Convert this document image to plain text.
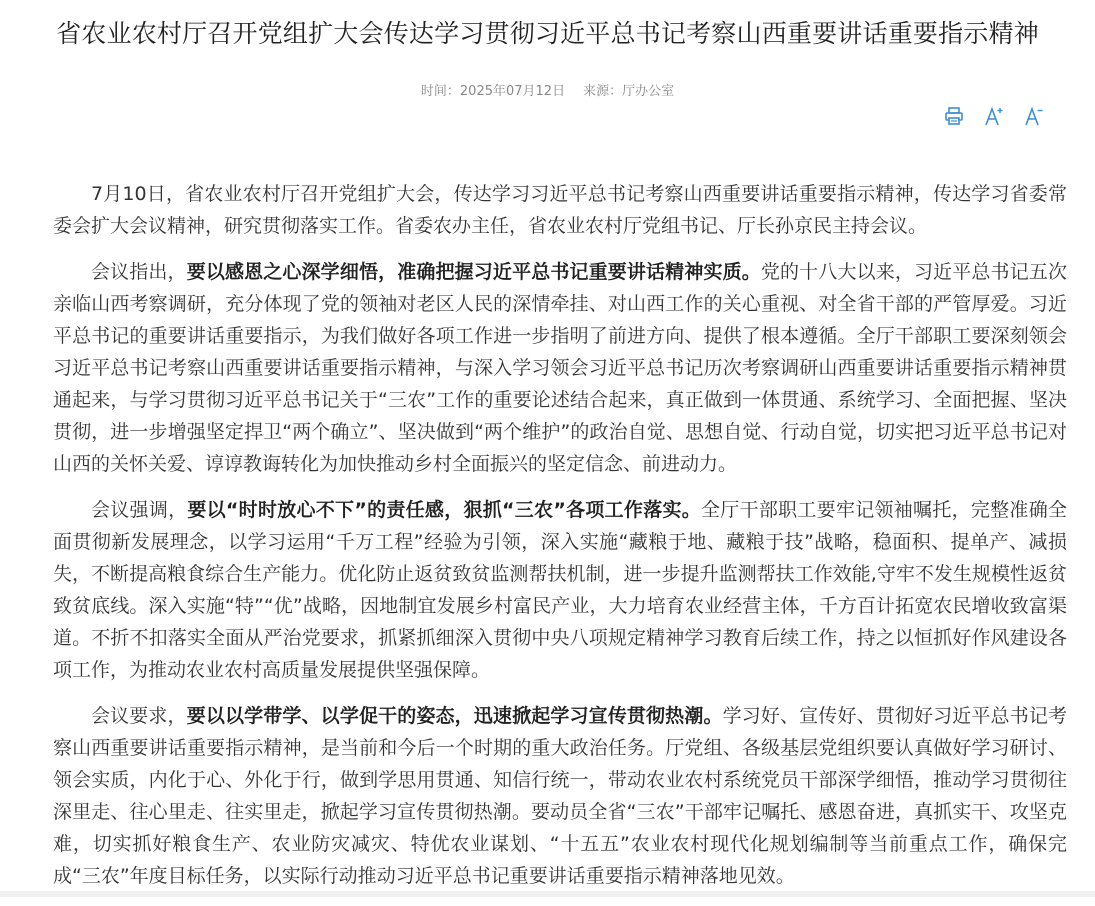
省农业农村厅召开党组扩大会传达学习贯彻习近平总书记考察山西重要讲话重要指示精神
时间：2025年07月12日 来源：厅办公室

7月10日，省农业农村厅召开党组扩大会，传达学习习近平总书记考察山西重要讲话重要指示精神，传达学习省委常委会扩大会议精神，研究贯彻落实工作。省委农办主任，省农业农村厅党组书记、厅长孙京民主持会议。

会议指出，要以感恩之心深学细悟，准确把握习近平总书记重要讲话精神实质。党的十八大以来，习近平总书记五次亲临山西考察调研，充分体现了党的领袖对老区人民的深情牵挂、对山西工作的关心重视、对全省干部的严管厚爱。习近平总书记的重要讲话重要指示，为我们做好各项工作进一步指明了前进方向、提供了根本遵循。全厅干部职工要深刻领会习近平总书记考察山西重要讲话重要指示精神，与深入学习领会习近平总书记历次考察调研山西重要讲话重要指示精神贯通起来，与学习贯彻习近平总书记关于“三农”工作的重要论述结合起来，真正做到一体贯通、系统学习、全面把握、坚决贯彻，进一步增强坚定捍卫“两个确立”、坚决做到“两个维护”的政治自觉、思想自觉、行动自觉，切实把习近平总书记对山西的关怀关爱、谆谆教诲转化为加快推动乡村全面振兴的坚定信念、前进动力。

会议强调，要以“时时放心不下”的责任感，狠抓“三农”各项工作落实。全厅干部职工要牢记领袖嘱托，完整准确全面贯彻新发展理念，以学习运用“千万工程”经验为引领，深入实施“藏粮于地、藏粮于技”战略，稳面积、提单产、减损失，不断提高粮食综合生产能力。优化防止返贫致贫监测帮扶机制，进一步提升监测帮扶工作效能,守牢不发生规模性返贫致贫底线。深入实施“特”“优”战略，因地制宜发展乡村富民产业，大力培育农业经营主体，千方百计拓宽农民增收致富渠道。不折不扣落实全面从严治党要求，抓紧抓细深入贯彻中央八项规定精神学习教育后续工作，持之以恒抓好作风建设各项工作，为推动农业农村高质量发展提供坚强保障。

会议要求，要以以学带学、以学促干的姿态，迅速掀起学习宣传贯彻热潮。学习好、宣传好、贯彻好习近平总书记考察山西重要讲话重要指示精神，是当前和今后一个时期的重大政治任务。厅党组、各级基层党组织要认真做好学习研讨、领会实质，内化于心、外化于行，做到学思用贯通、知信行统一，带动农业农村系统党员干部深学细悟，推动学习贯彻往深里走、往心里走、往实里走，掀起学习宣传贯彻热潮。要动员全省“三农”干部牢记嘱托、感恩奋进，真抓实干、攻坚克难，切实抓好粮食生产、农业防灾减灾、特优农业谋划、“十五五”农业农村现代化规划编制等当前重点工作，确保完成“三农”年度目标任务，以实际行动推动习近平总书记重要讲话重要指示精神落地见效。
